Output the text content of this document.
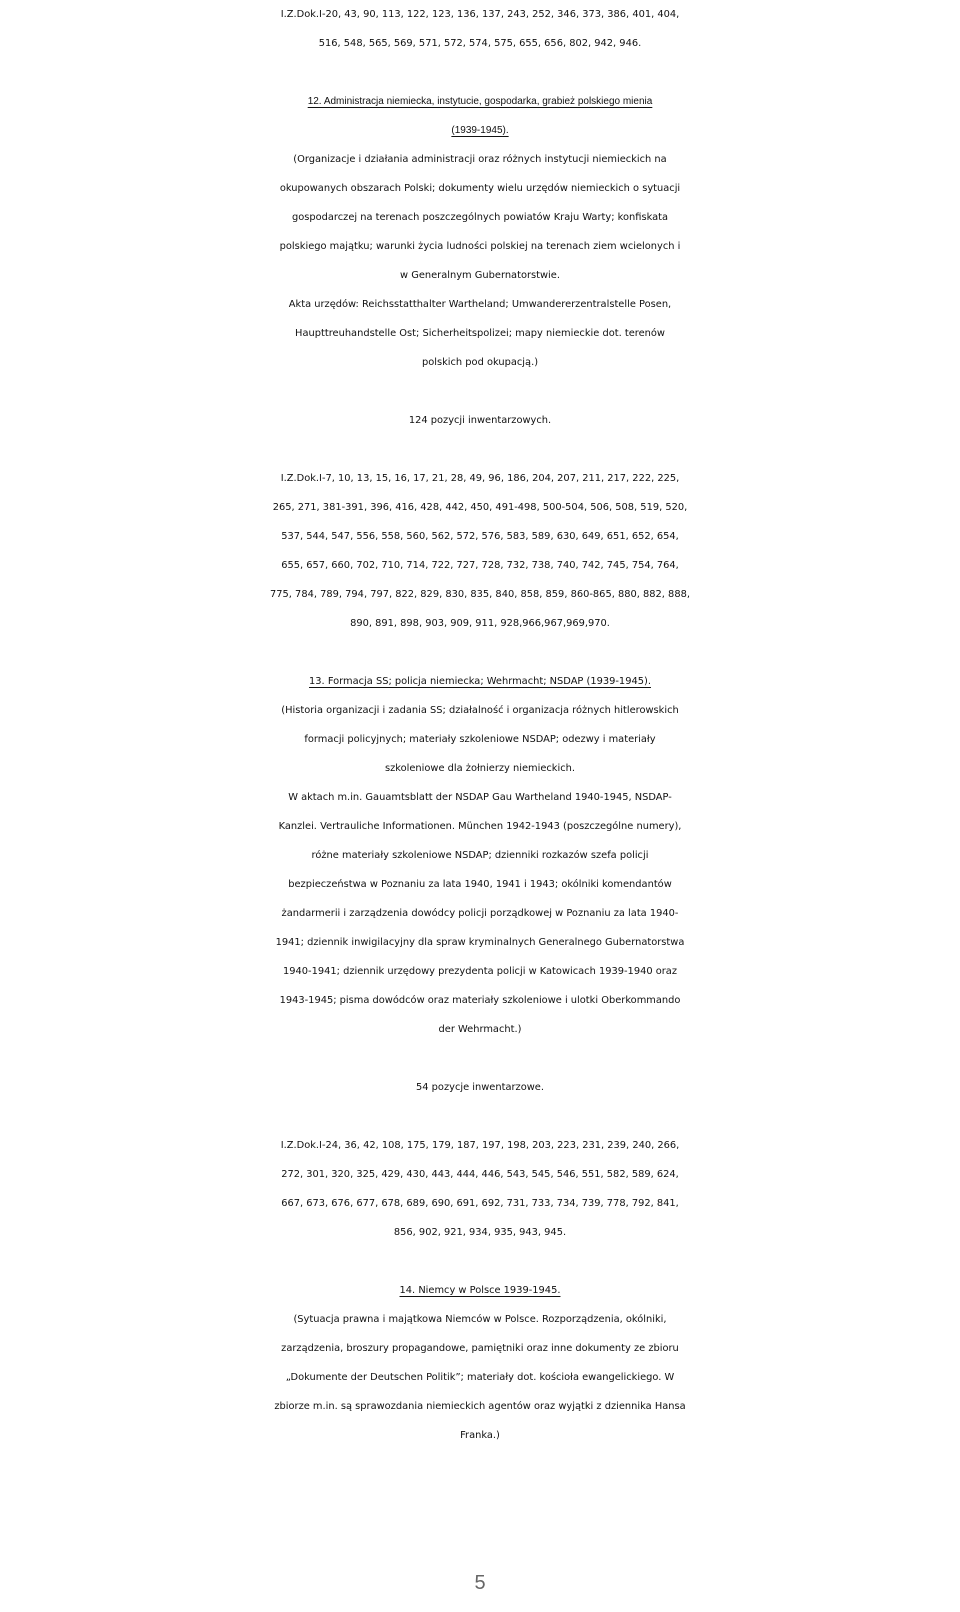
I.Z.Dok.I-20, 43, 90, 113, 122, 123, 136, 137, 243, 252, 346, 373, 386, 401, 404,
516, 548, 565, 569, 571, 572, 574, 575, 655, 656, 802, 942, 946.
12. Administracja niemiecka, instytucie, gospodarka, grabież polskiego mienia
(1939-1945).
(Organizacje i działania administracji oraz różnych instytucji niemieckich na
okupowanych obszarach Polski; dokumenty wielu urzędów niemieckich o sytuacji
gospodarczej na terenach poszczególnych powiatów Kraju Warty; konfiskata
polskiego majątku; warunki życia ludności polskiej na terenach ziem wcielonych i
w Generalnym Gubernatorstwie.
Akta urzędów: Reichsstatthalter Wartheland; Umwandererzentralstelle Posen,
Haupttreuhandstelle Ost; Sicherheitspolizei; mapy niemieckie dot. terenów
polskich pod okupacją.)
124 pozycji inwentarzowych.
I.Z.Dok.I-7, 10, 13, 15, 16, 17, 21, 28, 49, 96, 186, 204, 207, 211, 217, 222, 225,
265, 271, 381-391, 396, 416, 428, 442, 450, 491-498, 500-504, 506, 508, 519, 520,
537, 544, 547, 556, 558, 560, 562, 572, 576, 583, 589, 630, 649, 651, 652, 654,
655, 657, 660, 702, 710, 714, 722, 727, 728, 732, 738, 740, 742, 745, 754, 764,
775, 784, 789, 794, 797, 822, 829, 830, 835, 840, 858, 859, 860-865, 880, 882, 888,
890, 891, 898, 903, 909, 911, 928,966,967,969,970.
13. Formacja SS; policja niemiecka; Wehrmacht; NSDAP (1939-1945).
(Historia organizacji i zadania SS; działalność i organizacja różnych hitlerowskich
formacji policyjnych; materiały szkoleniowe NSDAP; odezwy i materiały
szkoleniowe dla żołnierzy niemieckich.
W aktach m.in. Gauamtsblatt der NSDAP Gau Wartheland 1940-1945, NSDAP-
Kanzlei. Vertrauliche Informationen. München 1942-1943 (poszczególne numery),
różne materiały szkoleniowe NSDAP; dzienniki rozkazów szefa policji
bezpieczeństwa w Poznaniu za lata 1940, 1941 i 1943; okólniki komendantów
żandarmerii i zarządzenia dowódcy policji porządkowej w Poznaniu za lata 1940-
1941; dziennik inwigilacyjny dla spraw kryminalnych Generalnego Gubernatorstwa
1940-1941; dziennik urzędowy prezydenta policji w Katowicach 1939-1940 oraz
1943-1945; pisma dowódców oraz materiały szkoleniowe i ulotki Oberkommando
der Wehrmacht.)
54 pozycje inwentarzowe.
I.Z.Dok.I-24, 36, 42, 108, 175, 179, 187, 197, 198, 203, 223, 231, 239, 240, 266,
272, 301, 320, 325, 429, 430, 443, 444, 446, 543, 545, 546, 551, 582, 589, 624,
667, 673, 676, 677, 678, 689, 690, 691, 692, 731, 733, 734, 739, 778, 792, 841,
856, 902, 921, 934, 935, 943, 945.
14. Niemcy w Polsce 1939-1945.
(Sytuacja prawna i majątkowa Niemców w Polsce. Rozporządzenia, okólniki,
zarządzenia, broszury propagandowe, pamiętniki oraz inne dokumenty ze zbioru
„Dokumente der Deutschen Politik”; materiały dot. kościoła ewangelickiego. W
zbiorze m.in. są sprawozdania niemieckich agentów oraz wyjątki z dziennika Hansa
Franka.)
5
